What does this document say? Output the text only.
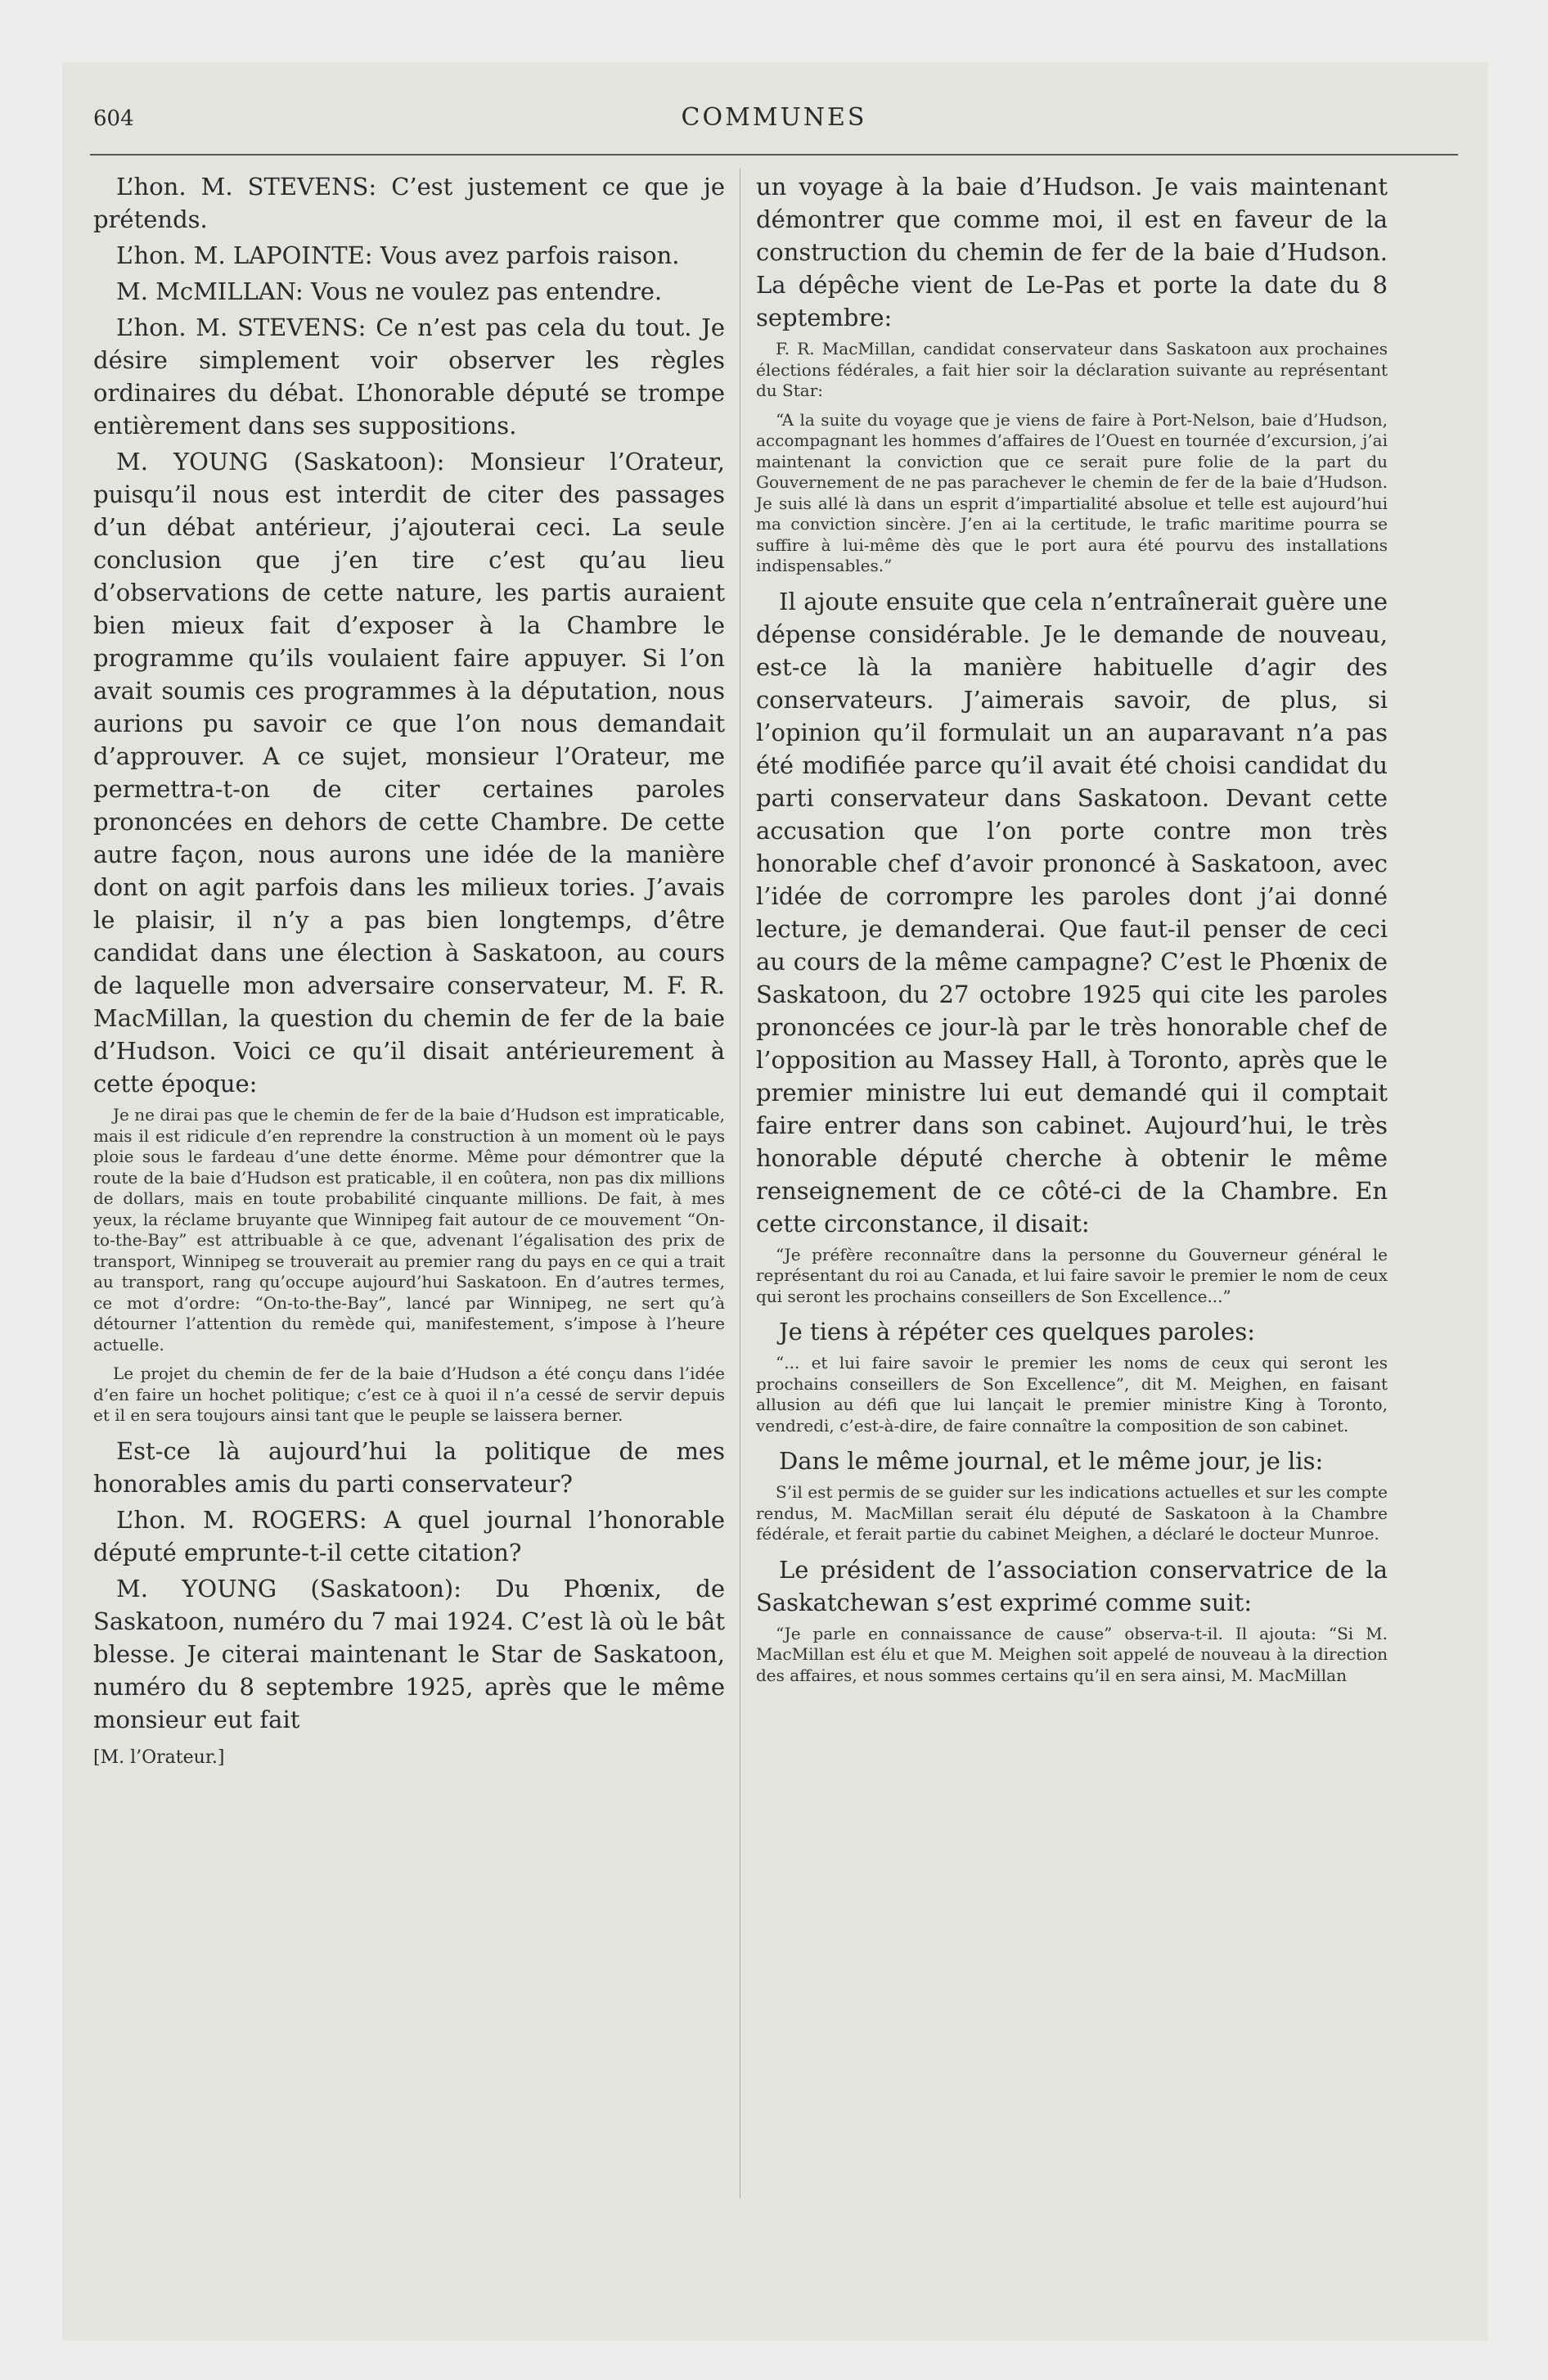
604	COMMUNES

L’hon. M. STEVENS: C’est justement ce que je prétends.

L’hon. M. LAPOINTE: Vous avez parfois raison.

M. McMILLAN: Vous ne voulez pas entendre.

L’hon. M. STEVENS: Ce n’est pas cela du tout. Je désire simplement voir observer les règles ordinaires du débat. L’honorable député se trompe entièrement dans ses suppositions.

M. YOUNG (Saskatoon): Monsieur l’Orateur, puisqu’il nous est interdit de citer des passages d’un débat antérieur, j’ajouterai ceci. La seule conclusion que j’en tire c’est qu’au lieu d’observations de cette nature, les partis auraient bien mieux fait d’exposer à la Chambre le programme qu’ils voulaient faire appuyer. Si l’on avait soumis ces programmes à la députation, nous aurions pu savoir ce que l’on nous demandait d’approuver. A ce sujet, monsieur l’Orateur, me permettra-t-on de citer certaines paroles prononcées en dehors de cette Chambre. De cette autre façon, nous aurons une idée de la manière dont on agit parfois dans les milieux tories. J’avais le plaisir, il n’y a pas bien longtemps, d’être candidat dans une élection à Saskatoon, au cours de laquelle mon adversaire conservateur, M. F. R. MacMillan, la question du chemin de fer de la baie d’Hudson. Voici ce qu’il disait antérieurement à cette époque:

Je ne dirai pas que le chemin de fer de la baie d’Hudson est impraticable, mais il est ridicule d’en reprendre la construction à un moment où le pays ploie sous le fardeau d’une dette énorme. Même pour démontrer que la route de la baie d’Hudson est praticable, il en coûtera, non pas dix millions de dollars, mais en toute probabilité cinquante millions. De fait, à mes yeux, la réclame bruyante que Winnipeg fait autour de ce mouvement “On-to-the-Bay” est attribuable à ce que, advenant l’égalisation des prix de transport, Winnipeg se trouverait au premier rang du pays en ce qui a trait au transport, rang qu’occupe aujourd’hui Saskatoon. En d’autres termes, ce mot d’ordre: “On-to-the-Bay”, lancé par Winnipeg, ne sert qu’à détourner l’attention du remède qui, manifestement, s’impose à l’heure actuelle.

Le projet du chemin de fer de la baie d’Hudson a été conçu dans l’idée d’en faire un hochet politique; c’est ce à quoi il n’a cessé de servir depuis et il en sera toujours ainsi tant que le peuple se laissera berner.

Est-ce là aujourd’hui la politique de mes honorables amis du parti conservateur?

L’hon. M. ROGERS: A quel journal l’honorable député emprunte-t-il cette citation?

M. YOUNG (Saskatoon): Du Phœnix, de Saskatoon, numéro du 7 mai 1924. C’est là où le bât blesse. Je citerai maintenant le Star de Saskatoon, numéro du 8 septembre 1925, après que le même monsieur eut fait

[M. l’Orateur.]

un voyage à la baie d’Hudson. Je vais maintenant démontrer que comme moi, il est en faveur de la construction du chemin de fer de la baie d’Hudson. La dépêche vient de Le-Pas et porte la date du 8 septembre:

F. R. MacMillan, candidat conservateur dans Saskatoon aux prochaines élections fédérales, a fait hier soir la déclaration suivante au représentant du Star:

“A la suite du voyage que je viens de faire à Port-Nelson, baie d’Hudson, accompagnant les hommes d’affaires de l’Ouest en tournée d’excursion, j’ai maintenant la conviction que ce serait pure folie de la part du Gouvernement de ne pas parachever le chemin de fer de la baie d’Hudson. Je suis allé là dans un esprit d’impartialité absolue et telle est aujourd’hui ma conviction sincère. J’en ai la certitude, le trafic maritime pourra se suffire à lui-même dès que le port aura été pourvu des installations indispensables.”

Il ajoute ensuite que cela n’entraînerait guère une dépense considérable. Je le demande de nouveau, est-ce là la manière habituelle d’agir des conservateurs. J’aimerais savoir, de plus, si l’opinion qu’il formulait un an auparavant n’a pas été modifiée parce qu’il avait été choisi candidat du parti conservateur dans Saskatoon. Devant cette accusation que l’on porte contre mon très honorable chef d’avoir prononcé à Saskatoon, avec l’idée de corrompre les paroles dont j’ai donné lecture, je demanderai. Que faut-il penser de ceci au cours de la même campagne? C’est le Phœnix de Saskatoon, du 27 octobre 1925 qui cite les paroles prononcées ce jour-là par le très honorable chef de l’opposition au Massey Hall, à Toronto, après que le premier ministre lui eut demandé qui il comptait faire entrer dans son cabinet. Aujourd’hui, le très honorable député cherche à obtenir le même renseignement de ce côté-ci de la Chambre. En cette circonstance, il disait:

“Je préfère reconnaître dans la personne du Gouverneur général le représentant du roi au Canada, et lui faire savoir le premier le nom de ceux qui seront les prochains conseillers de Son Excellence...”

Je tiens à répéter ces quelques paroles:

“... et lui faire savoir le premier les noms de ceux qui seront les prochains conseillers de Son Excellence”, dit M. Meighen, en faisant allusion au défi que lui lançait le premier ministre King à Toronto, vendredi, c’est-à-dire, de faire connaître la composition de son cabinet.

Dans le même journal, et le même jour, je lis:

S’il est permis de se guider sur les indications actuelles et sur les compte rendus, M. MacMillan serait élu député de Saskatoon à la Chambre fédérale, et ferait partie du cabinet Meighen, a déclaré le docteur Munroe.

Le président de l’association conservatrice de la Saskatchewan s’est exprimé comme suit:

“Je parle en connaissance de cause” observa-t-il. Il ajouta: “Si M. MacMillan est élu et que M. Meighen soit appelé de nouveau à la direction des affaires, et nous sommes certains qu’il en sera ainsi, M. MacMillan
